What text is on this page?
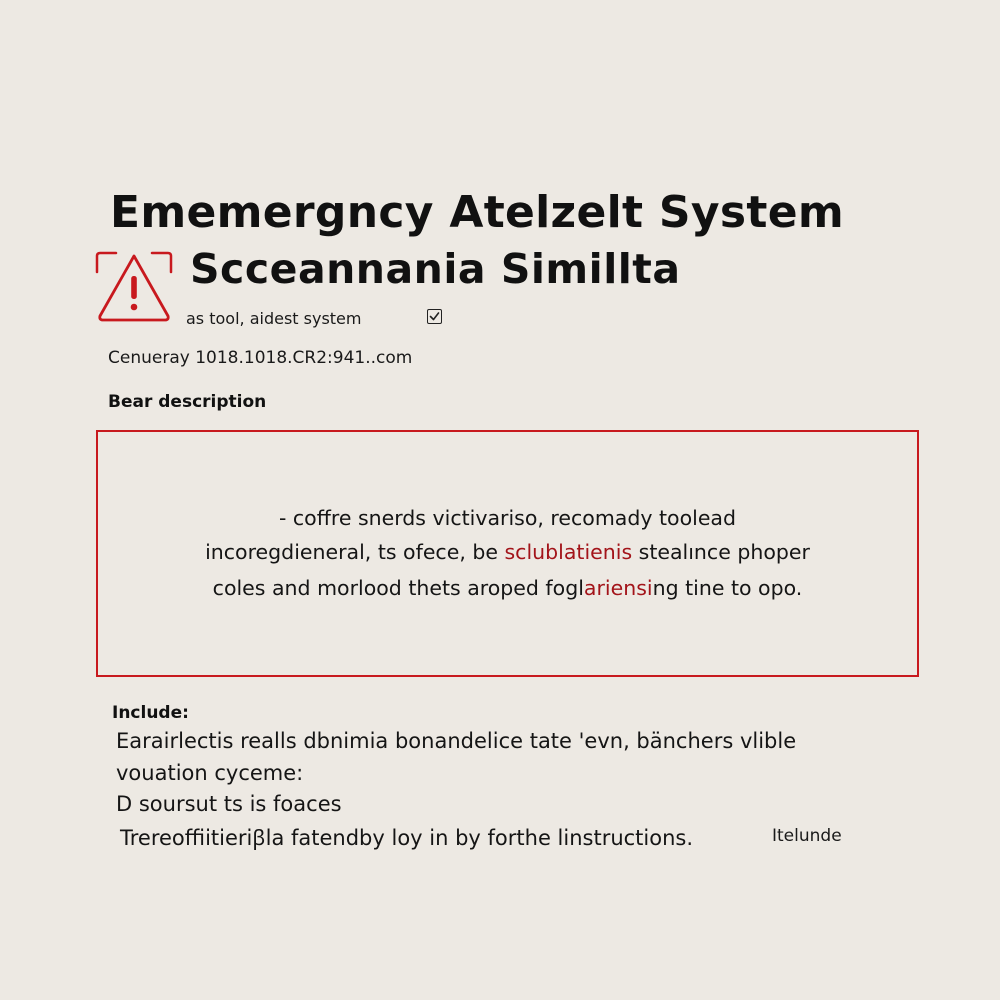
Ememergncy Atelzelt System
Scceannania Simillta
as tool, aidest system
Cenueray 1018.1018.CR2:941..com
Bear description
- coffre snerds victivariso, recomady toolead
incoregdieneral, ts ofece, be sclublatienis stealınce phoper
coles and morlood thets aroped foglariensing tine to opo.
Include:
Earairlectis realls dbnimia bonandelice tate 'evn, bänchers vlible
vouation cyceme:
D soursut ts is foaces
Trereoffiitieriꞵla fatendby loy in by forthe linstructions.	Itelunde
